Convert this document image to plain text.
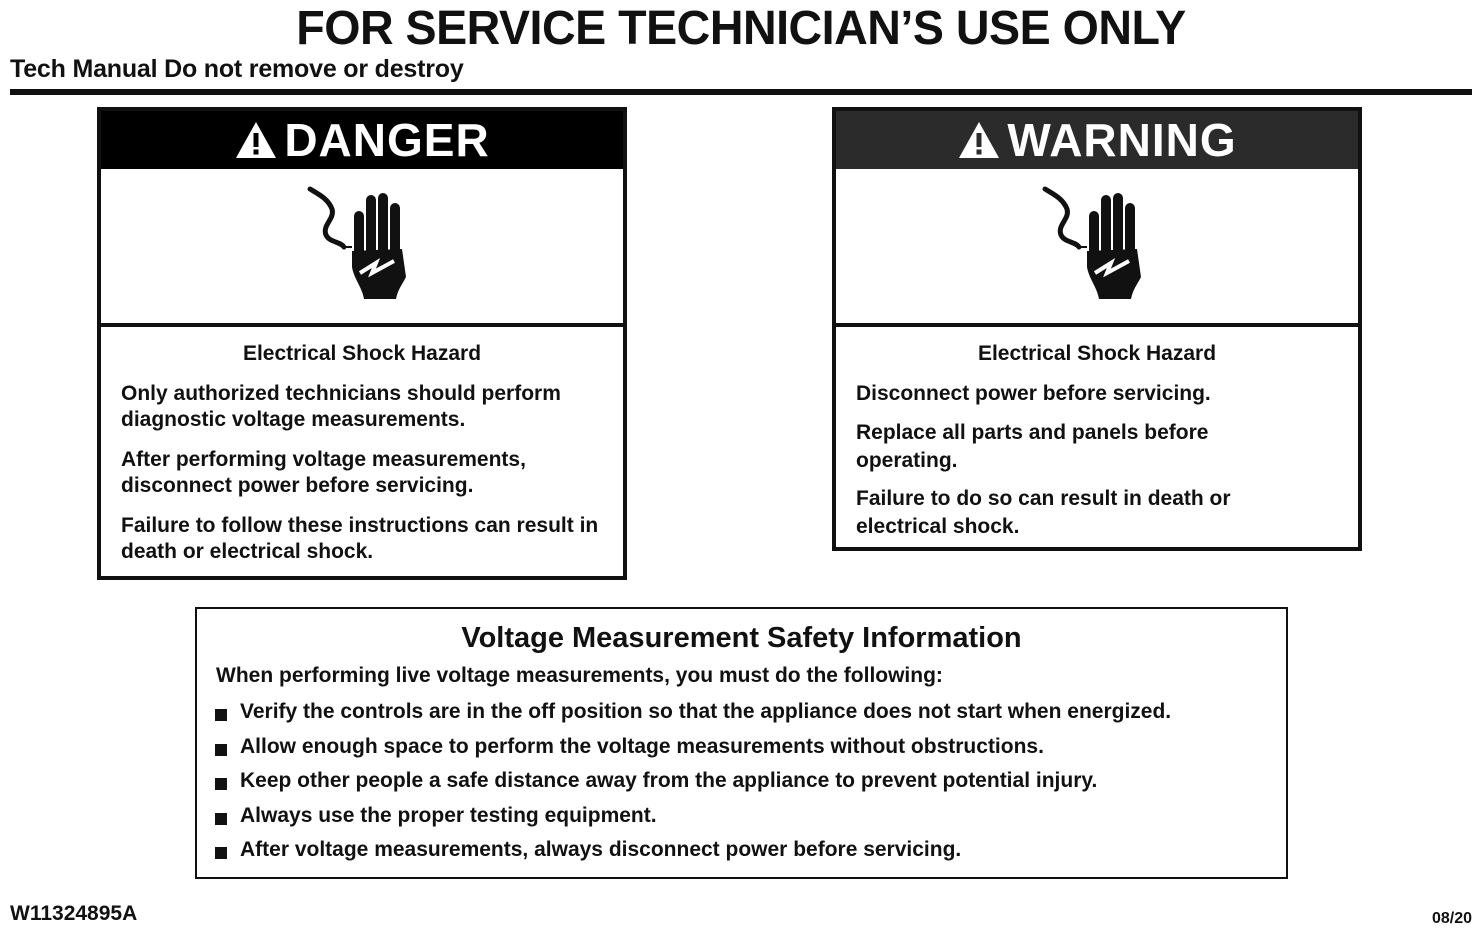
FOR SERVICE TECHNICIAN’S USE ONLY
Tech Manual Do not remove or destroy
DANGER
Electrical Shock Hazard

Only authorized technicians should perform diagnostic voltage measurements.

After performing voltage measurements, disconnect power before servicing.

Failure to follow these instructions can result in death or electrical shock.

WARNING
Electrical Shock Hazard

Disconnect power before servicing.

Replace all parts and panels before operating.

Failure to do so can result in death or electrical shock.

Voltage Measurement Safety Information
When performing live voltage measurements, you must do the following:
Verify the controls are in the off position so that the appliance does not start when energized.
Allow enough space to perform the voltage measurements without obstructions.
Keep other people a safe distance away from the appliance to prevent potential injury.
Always use the proper testing equipment.
After voltage measurements, always disconnect power before servicing.
W11324895A	08/20
